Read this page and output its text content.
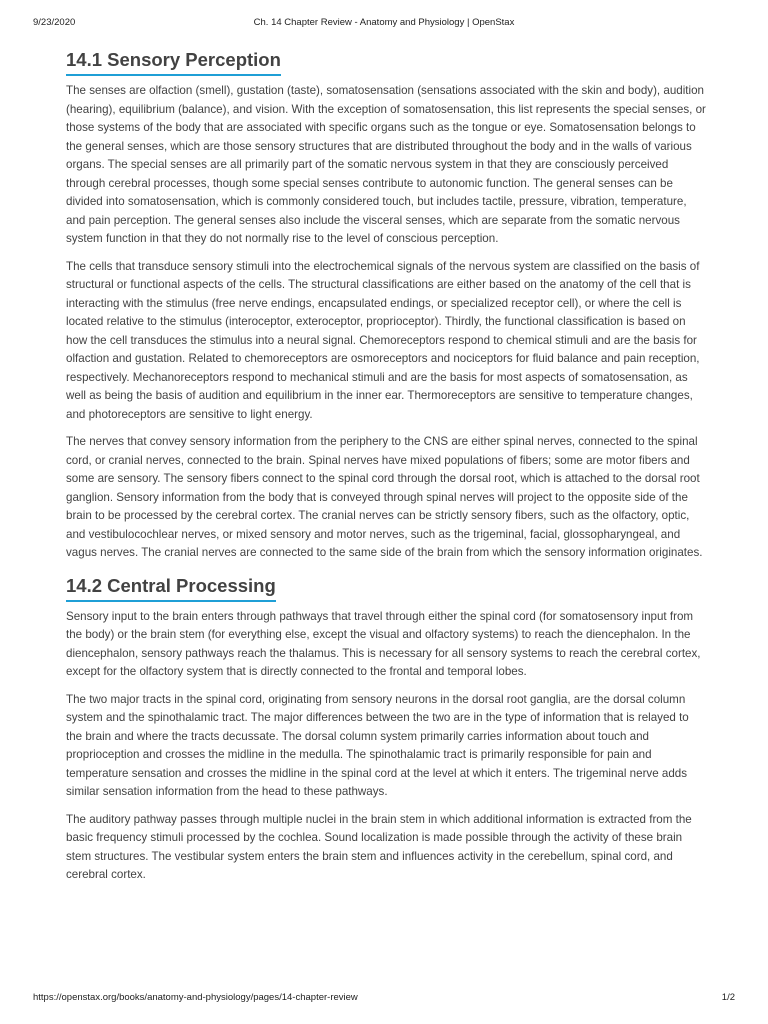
9/23/2020	Ch. 14 Chapter Review - Anatomy and Physiology | OpenStax
14.1 Sensory Perception

The senses are olfaction (smell), gustation (taste), somatosensation (sensations associated with the skin and body), audition (hearing), equilibrium (balance), and vision. With the exception of somatosensation, this list represents the special senses, or those systems of the body that are associated with specific organs such as the tongue or eye. Somatosensation belongs to the general senses, which are those sensory structures that are distributed throughout the body and in the walls of various organs. The special senses are all primarily part of the somatic nervous system in that they are consciously perceived through cerebral processes, though some special senses contribute to autonomic function. The general senses can be divided into somatosensation, which is commonly considered touch, but includes tactile, pressure, vibration, temperature, and pain perception. The general senses also include the visceral senses, which are separate from the somatic nervous system function in that they do not normally rise to the level of conscious perception.

The cells that transduce sensory stimuli into the electrochemical signals of the nervous system are classified on the basis of structural or functional aspects of the cells. The structural classifications are either based on the anatomy of the cell that is interacting with the stimulus (free nerve endings, encapsulated endings, or specialized receptor cell), or where the cell is located relative to the stimulus (interoceptor, exteroceptor, proprioceptor). Thirdly, the functional classification is based on how the cell transduces the stimulus into a neural signal. Chemoreceptors respond to chemical stimuli and are the basis for olfaction and gustation. Related to chemoreceptors are osmoreceptors and nociceptors for fluid balance and pain reception, respectively. Mechanoreceptors respond to mechanical stimuli and are the basis for most aspects of somatosensation, as well as being the basis of audition and equilibrium in the inner ear. Thermoreceptors are sensitive to temperature changes, and photoreceptors are sensitive to light energy.

The nerves that convey sensory information from the periphery to the CNS are either spinal nerves, connected to the spinal cord, or cranial nerves, connected to the brain. Spinal nerves have mixed populations of fibers; some are motor fibers and some are sensory. The sensory fibers connect to the spinal cord through the dorsal root, which is attached to the dorsal root ganglion. Sensory information from the body that is conveyed through spinal nerves will project to the opposite side of the brain to be processed by the cerebral cortex. The cranial nerves can be strictly sensory fibers, such as the olfactory, optic, and vestibulocochlear nerves, or mixed sensory and motor nerves, such as the trigeminal, facial, glossopharyngeal, and vagus nerves. The cranial nerves are connected to the same side of the brain from which the sensory information originates.

14.2 Central Processing

Sensory input to the brain enters through pathways that travel through either the spinal cord (for somatosensory input from the body) or the brain stem (for everything else, except the visual and olfactory systems) to reach the diencephalon. In the diencephalon, sensory pathways reach the thalamus. This is necessary for all sensory systems to reach the cerebral cortex, except for the olfactory system that is directly connected to the frontal and temporal lobes.

The two major tracts in the spinal cord, originating from sensory neurons in the dorsal root ganglia, are the dorsal column system and the spinothalamic tract. The major differences between the two are in the type of information that is relayed to the brain and where the tracts decussate. The dorsal column system primarily carries information about touch and proprioception and crosses the midline in the medulla. The spinothalamic tract is primarily responsible for pain and temperature sensation and crosses the midline in the spinal cord at the level at which it enters. The trigeminal nerve adds similar sensation information from the head to these pathways.

The auditory pathway passes through multiple nuclei in the brain stem in which additional information is extracted from the basic frequency stimuli processed by the cochlea. Sound localization is made possible through the activity of these brain stem structures. The vestibular system enters the brain stem and influences activity in the cerebellum, spinal cord, and cerebral cortex.

https://openstax.org/books/anatomy-and-physiology/pages/14-chapter-review	1/2
